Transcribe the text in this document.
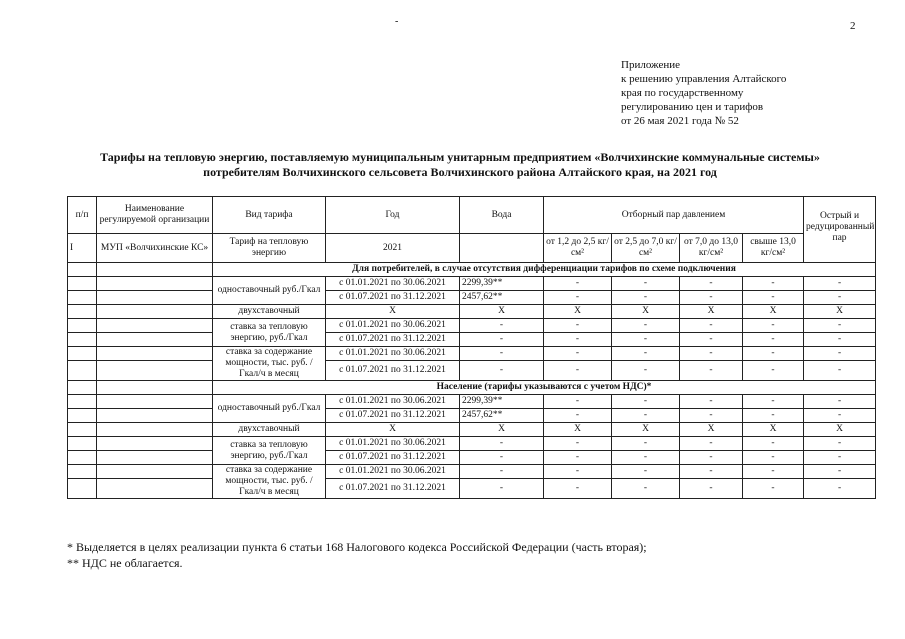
-	2
Приложение
к решению управления Алтайского
края по государственному
регулированию цен и тарифов
от 26 мая 2021 года № 52
Тарифы на тепловую энергию, поставляемую муниципальным унитарным предприятием «Волчихинские коммунальные системы»
потребителям Волчихинского сельсовета Волчихинского района Алтайского края, на 2021 год
п/п	Наименование регулируемой организации	Вид тарифа	Год	Вода	Отборный пар давлением				Острый и редуцированный пар
I	МУП «Волчихинские КС»	Тариф на тепловую энергию	2021		от 1,2 до 2,5 кг/см²	от 2,5 до 7,0 кг/см²	от 7,0 до 13,0 кг/см²	свыше 13,0 кг/см²	
		Для потребителей, в случае отсутствия дифференциации тарифов по схеме подключения							
		одноставочный руб./Гкал	с 01.01.2021 по 30.06.2021	2299,39**	-	-	-	-	-
			с 01.07.2021 по 31.12.2021	2457,62**	-	-	-	-	-
		двухставочный	X	X	X	X	X	X	X
		ставка за тепловую энергию, руб./Гкал	с 01.01.2021 по 30.06.2021	-	-	-	-	-	-
			с 01.07.2021 по 31.12.2021	-	-	-	-	-	-
		ставка за содержание мощности, тыс. руб. /Гкал/ч в месяц	с 01.01.2021 по 30.06.2021	-	-	-	-	-	-
			с 01.07.2021 по 31.12.2021	-	-	-	-	-	-
		Население (тарифы указываются с учетом НДС)*							
		одноставочный руб./Гкал	с 01.01.2021 по 30.06.2021	2299,39**	-	-	-	-	-
			с 01.07.2021 по 31.12.2021	2457,62**	-	-	-	-	-
		двухставочный	X	X	X	X	X	X	X
		ставка за тепловую энергию, руб./Гкал	с 01.01.2021 по 30.06.2021	-	-	-	-	-	-
			с 01.07.2021 по 31.12.2021	-	-	-	-	-	-
		ставка за содержание мощности, тыс. руб. /Гкал/ч в месяц	с 01.01.2021 по 30.06.2021	-	-	-	-	-	-
			с 01.07.2021 по 31.12.2021	-	-	-	-	-	-
* Выделяется в целях реализации пункта 6 статьи 168 Налогового кодекса Российской Федерации (часть вторая);
** НДС не облагается.
